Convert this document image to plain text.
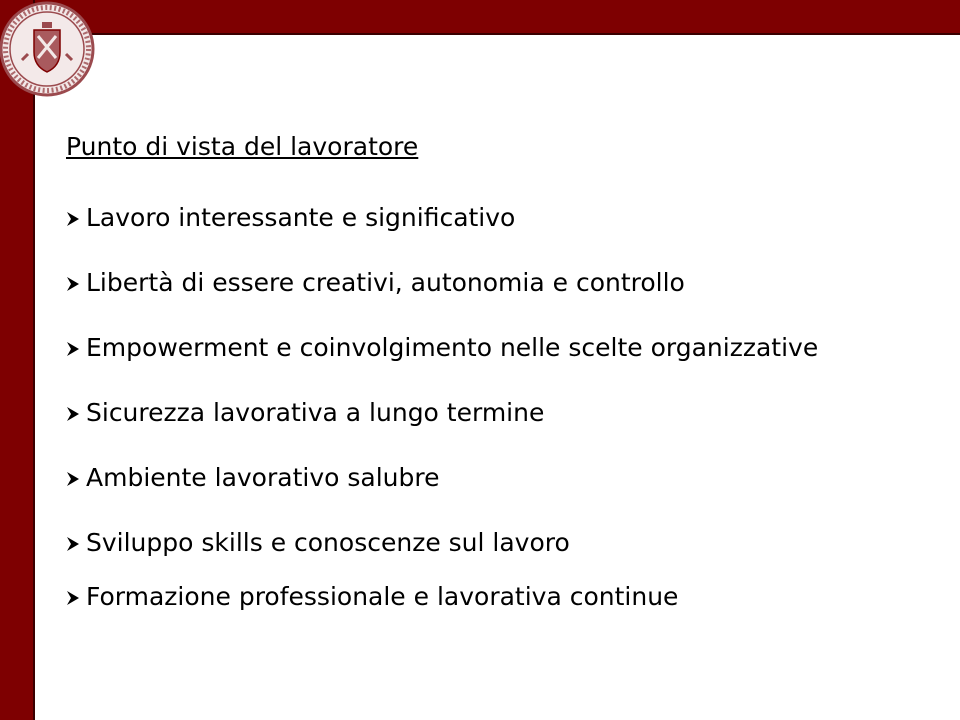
Punto di vista del lavoratore
Lavoro interessante e significativo
Libertà di essere creativi, autonomia e controllo
Empowerment e coinvolgimento nelle scelte organizzative
Sicurezza lavorativa a lungo termine
Ambiente lavorativo salubre
Sviluppo skills e conoscenze sul lavoro
Formazione professionale e lavorativa continue
